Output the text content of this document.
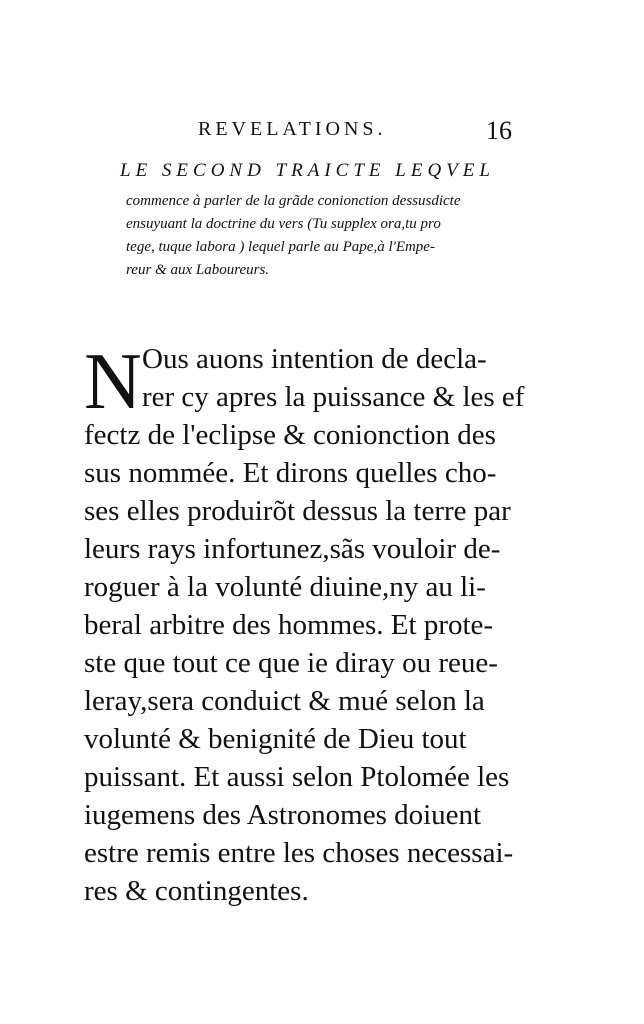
REVELATIONS.	16
LE SECOND TRAICTE LEQVEL
commence à parler de la grãde conionction dessusdicte
ensuyuant la doctrine du vers (Tu supplex ora,tu pro
tege, tuque labora ) lequel parle au Pape,à l'Empe-
reur & aux Laboureurs.
N Ous auons intention de decla-
rer cy apres la puissance & les ef
fectz de l'eclipse & conionction des
sus nommée. Et dirons quelles cho-
ses elles produirõt dessus la terre par
leurs rays infortunez,sãs vouloir de-
roguer à la volunté diuine,ny au li-
beral arbitre des hommes. Et prote-
ste que tout ce que ie diray ou reue-
leray,sera conduict & mué selon la
volunté & benignité de Dieu tout
puissant. Et aussi selon Ptolomée les
iugemens des Astronomes doiuent
estre remis entre les choses necessai-
res & contingentes.
